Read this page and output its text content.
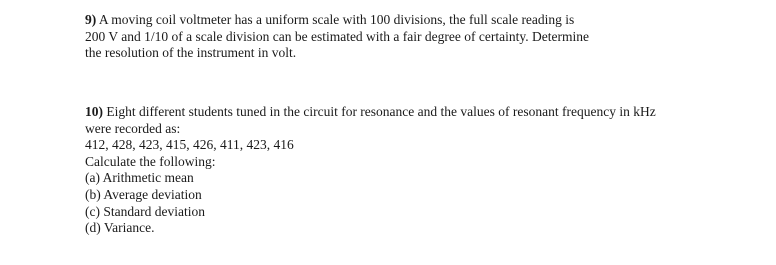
9) A moving coil voltmeter has a uniform scale with 100 divisions, the full scale reading is
200 V and 1/10 of a scale division can be estimated with a fair degree of certainty. Determine
the resolution of the instrument in volt.
10) Eight different students tuned in the circuit for resonance and the values of resonant frequency in kHz
were recorded as:
412, 428, 423, 415, 426, 411, 423, 416
Calculate the following:
(a) Arithmetic mean
(b) Average deviation
(c) Standard deviation
(d) Variance.
